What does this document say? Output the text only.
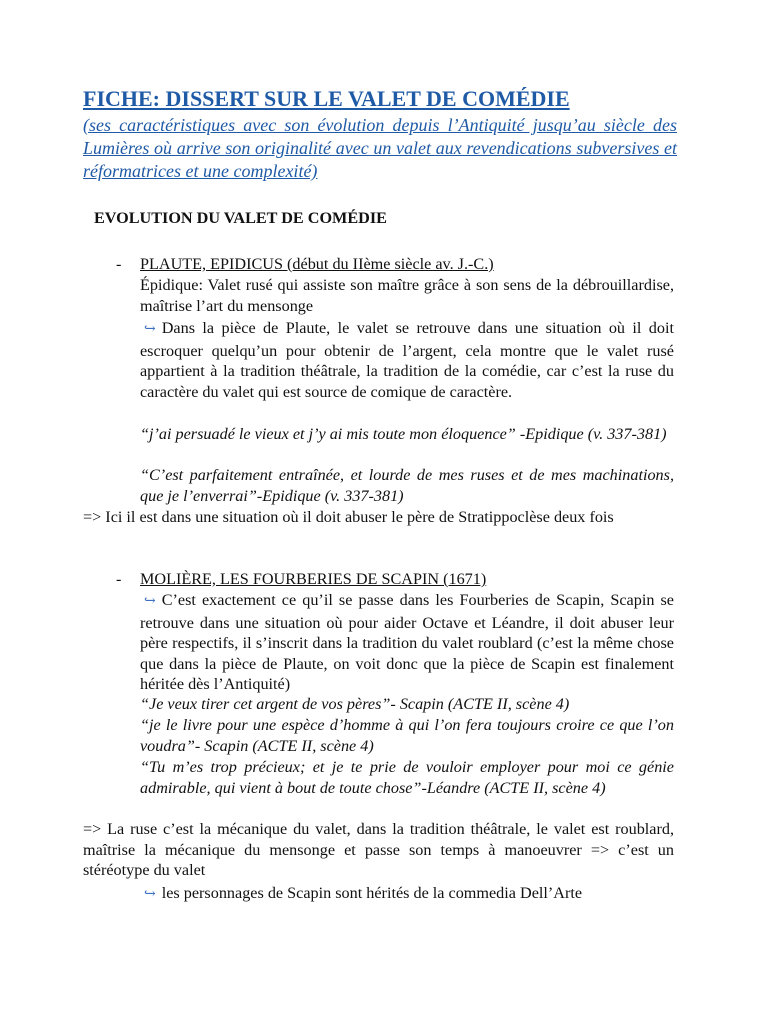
FICHE: DISSERT SUR LE VALET DE COMÉDIE

(ses caractéristiques avec son évolution depuis l’Antiquité jusqu’au siècle des Lumières où arrive son originalité avec un valet aux revendications subversives et réformatrices et une complexité)

EVOLUTION DU VALET DE COMÉDIE
- PLAUTE, EPIDICUS (début du IIème siècle av. J.-C.)

Épidique: Valet rusé qui assiste son maître grâce à son sens de la débrouillardise, maîtrise l’art du mensonge

↪ Dans la pièce de Plaute, le valet se retrouve dans une situation où il doit escroquer quelqu’un pour obtenir de l’argent, cela montre que le valet rusé appartient à la tradition théâtrale, la tradition de la comédie, car c’est la ruse du caractère du valet qui est source de comique de caractère.

“j’ai persuadé le vieux et j’y ai mis toute mon éloquence” -Epidique (v. 337-381)

“C’est parfaitement entraînée, et lourde de mes ruses et de mes machinations, que je l’enverrai”-Epidique (v. 337-381)

=> Ici il est dans une situation où il doit abuser le père de Stratippoclèse deux fois

- MOLIÈRE, LES FOURBERIES DE SCAPIN (1671)

↪ C’est exactement ce qu’il se passe dans les Fourberies de Scapin, Scapin se retrouve dans une situation où pour aider Octave et Léandre, il doit abuser leur père respectifs, il s’inscrit dans la tradition du valet roublard (c’est la même chose que dans la pièce de Plaute, on voit donc que la pièce de Scapin est finalement héritée dès l’Antiquité)

“Je veux tirer cet argent de vos pères”- Scapin (ACTE II, scène 4)

“je le livre pour une espèce d’homme à qui l’on fera toujours croire ce que l’on voudra”- Scapin (ACTE II, scène 4)

“Tu m’es trop précieux; et je te prie de vouloir employer pour moi ce génie admirable, qui vient à bout de toute chose”-Léandre (ACTE II, scène 4)

=> La ruse c’est la mécanique du valet, dans la tradition théâtrale, le valet est roublard, maîtrise la mécanique du mensonge et passe son temps à manoeuvrer => c’est un stéréotype du valet

↪ les personnages de Scapin sont hérités de la commedia Dell’Arte
